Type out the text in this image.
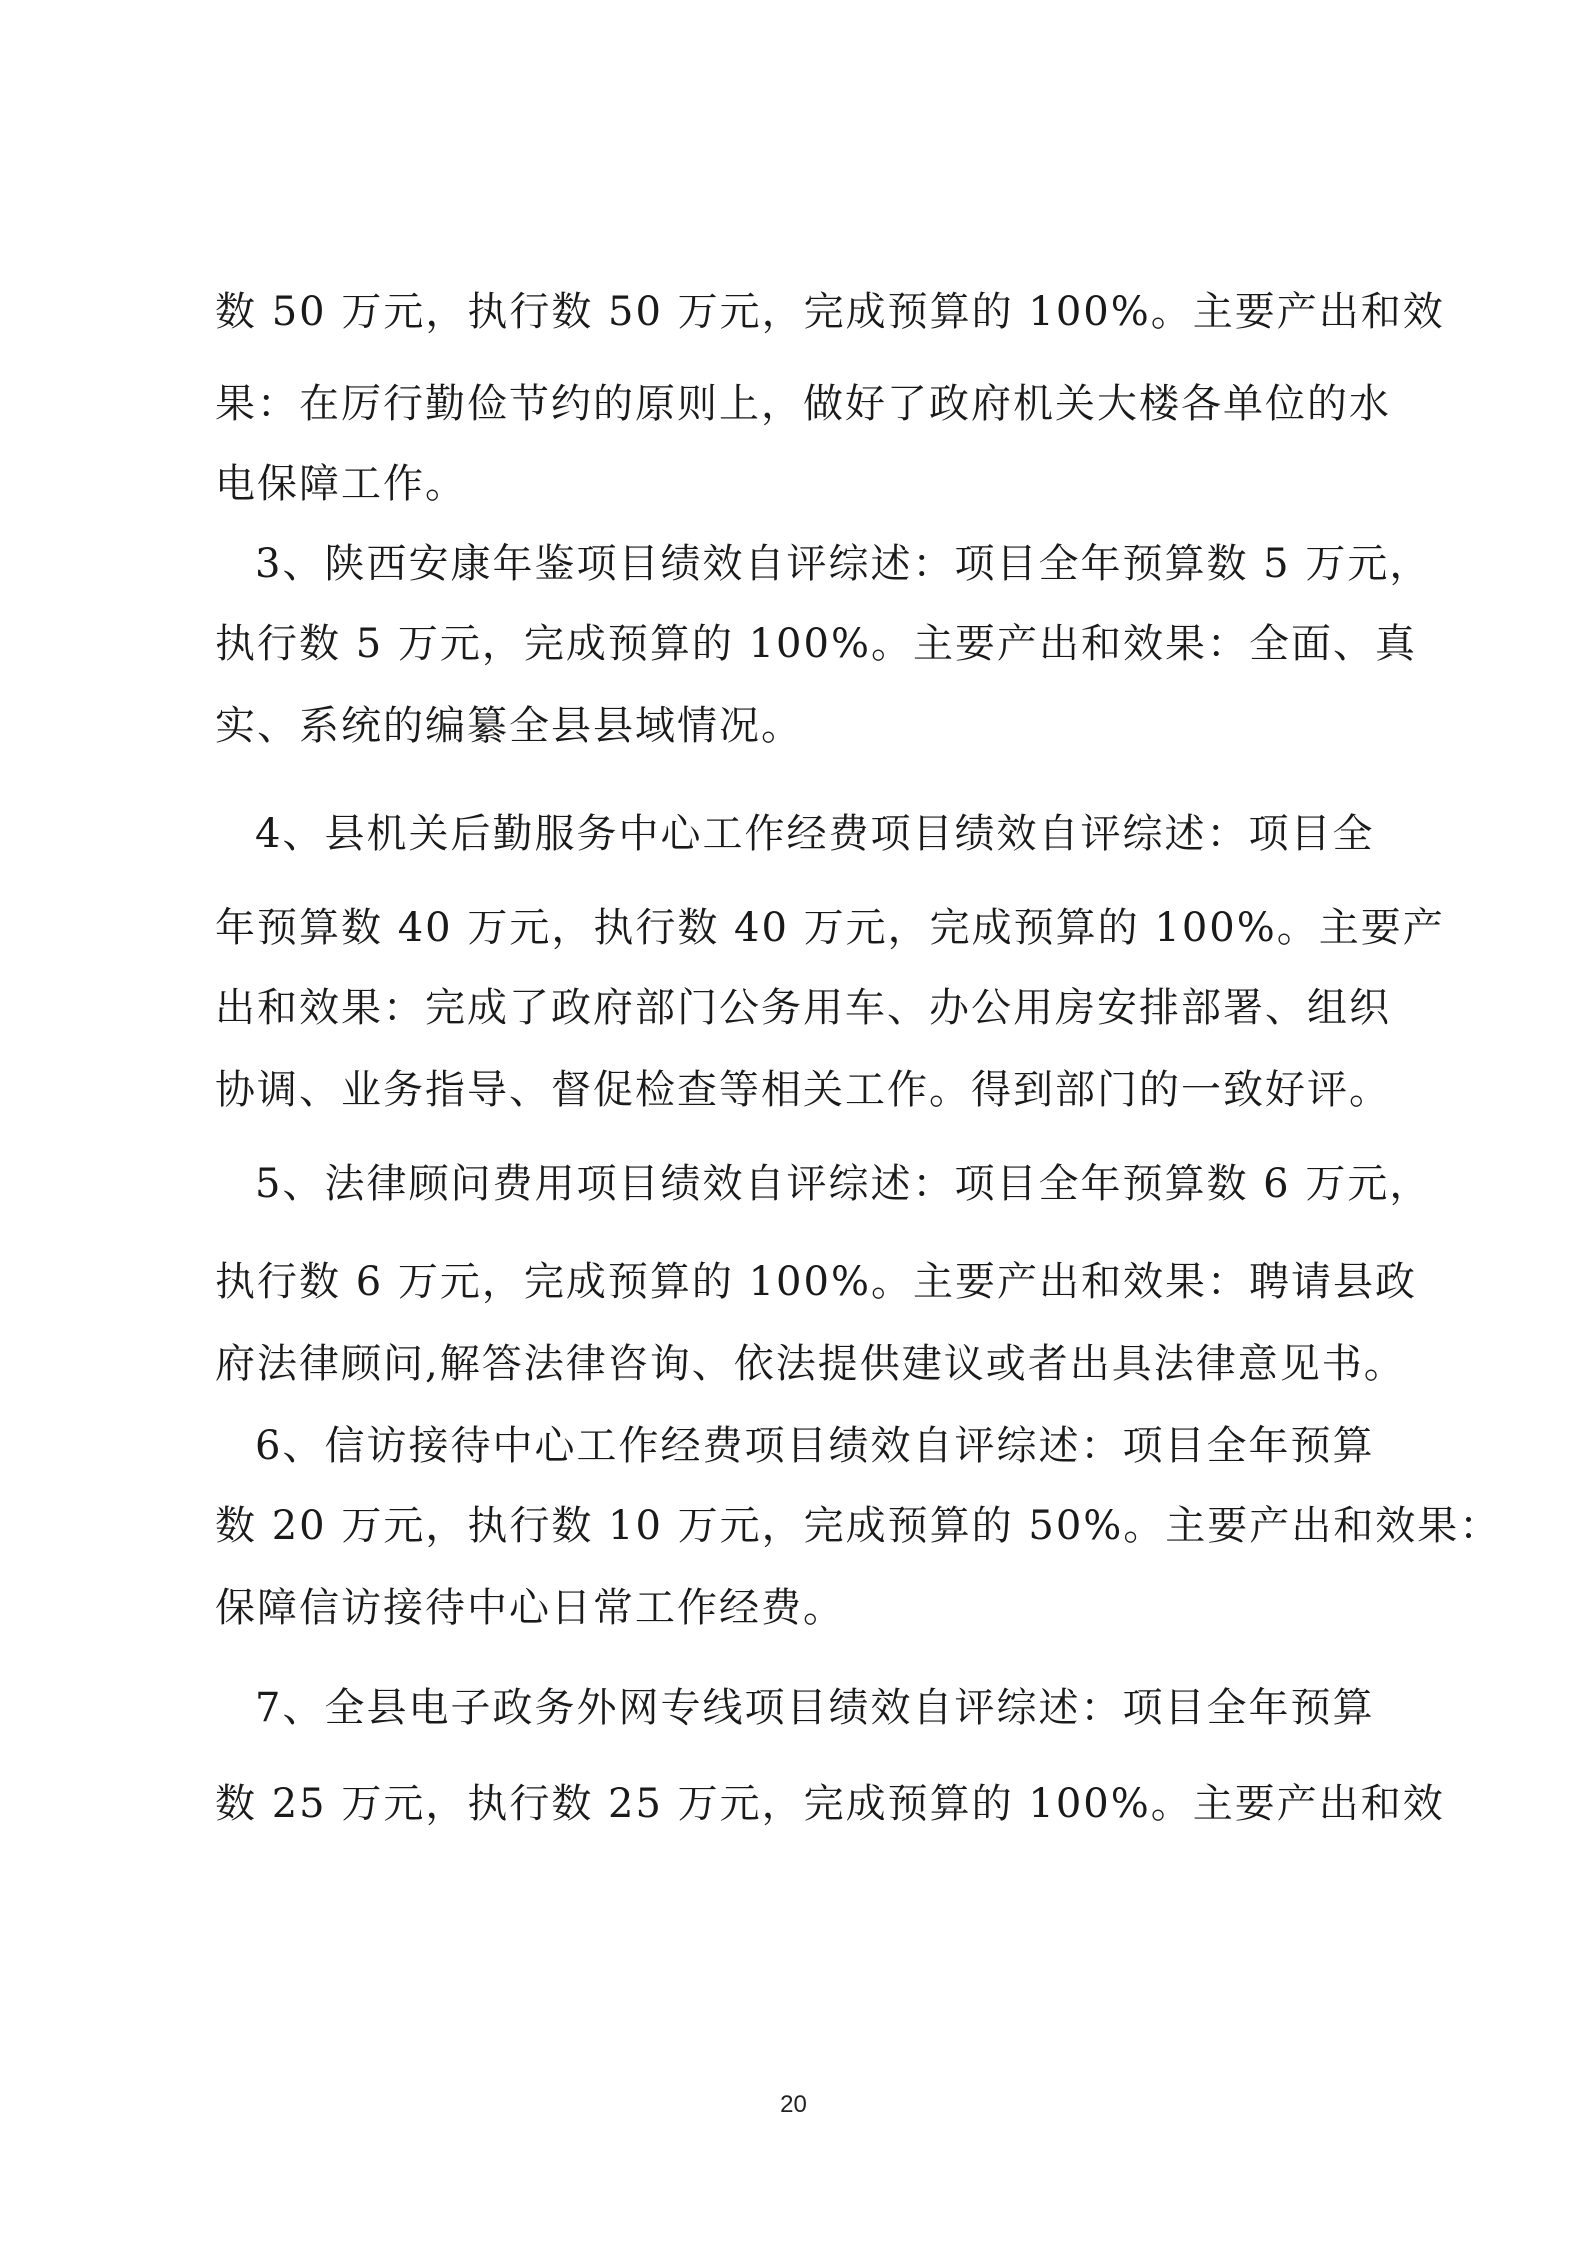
数 50 万元，执行数 50 万元，完成预算的 100%。主要产出和效
果：在厉行勤俭节约的原则上，做好了政府机关大楼各单位的水
电保障工作。
3、陕西安康年鉴项目绩效自评综述：项目全年预算数 5 万元，
执行数 5 万元，完成预算的 100%。主要产出和效果：全面、真
实、系统的编纂全县县域情况。
4、县机关后勤服务中心工作经费项目绩效自评综述：项目全
年预算数 40 万元，执行数 40 万元，完成预算的 100%。主要产
出和效果：完成了政府部门公务用车、办公用房安排部署、组织
协调、业务指导、督促检查等相关工作。得到部门的一致好评。
5、法律顾问费用项目绩效自评综述：项目全年预算数 6 万元，
执行数 6 万元，完成预算的 100%。主要产出和效果：聘请县政
府法律顾问,解答法律咨询、依法提供建议或者出具法律意见书。
6、信访接待中心工作经费项目绩效自评综述：项目全年预算
数 20 万元，执行数 10 万元，完成预算的 50%。主要产出和效果：
保障信访接待中心日常工作经费。
7、全县电子政务外网专线项目绩效自评综述：项目全年预算
数 25 万元，执行数 25 万元，完成预算的 100%。主要产出和效
20
